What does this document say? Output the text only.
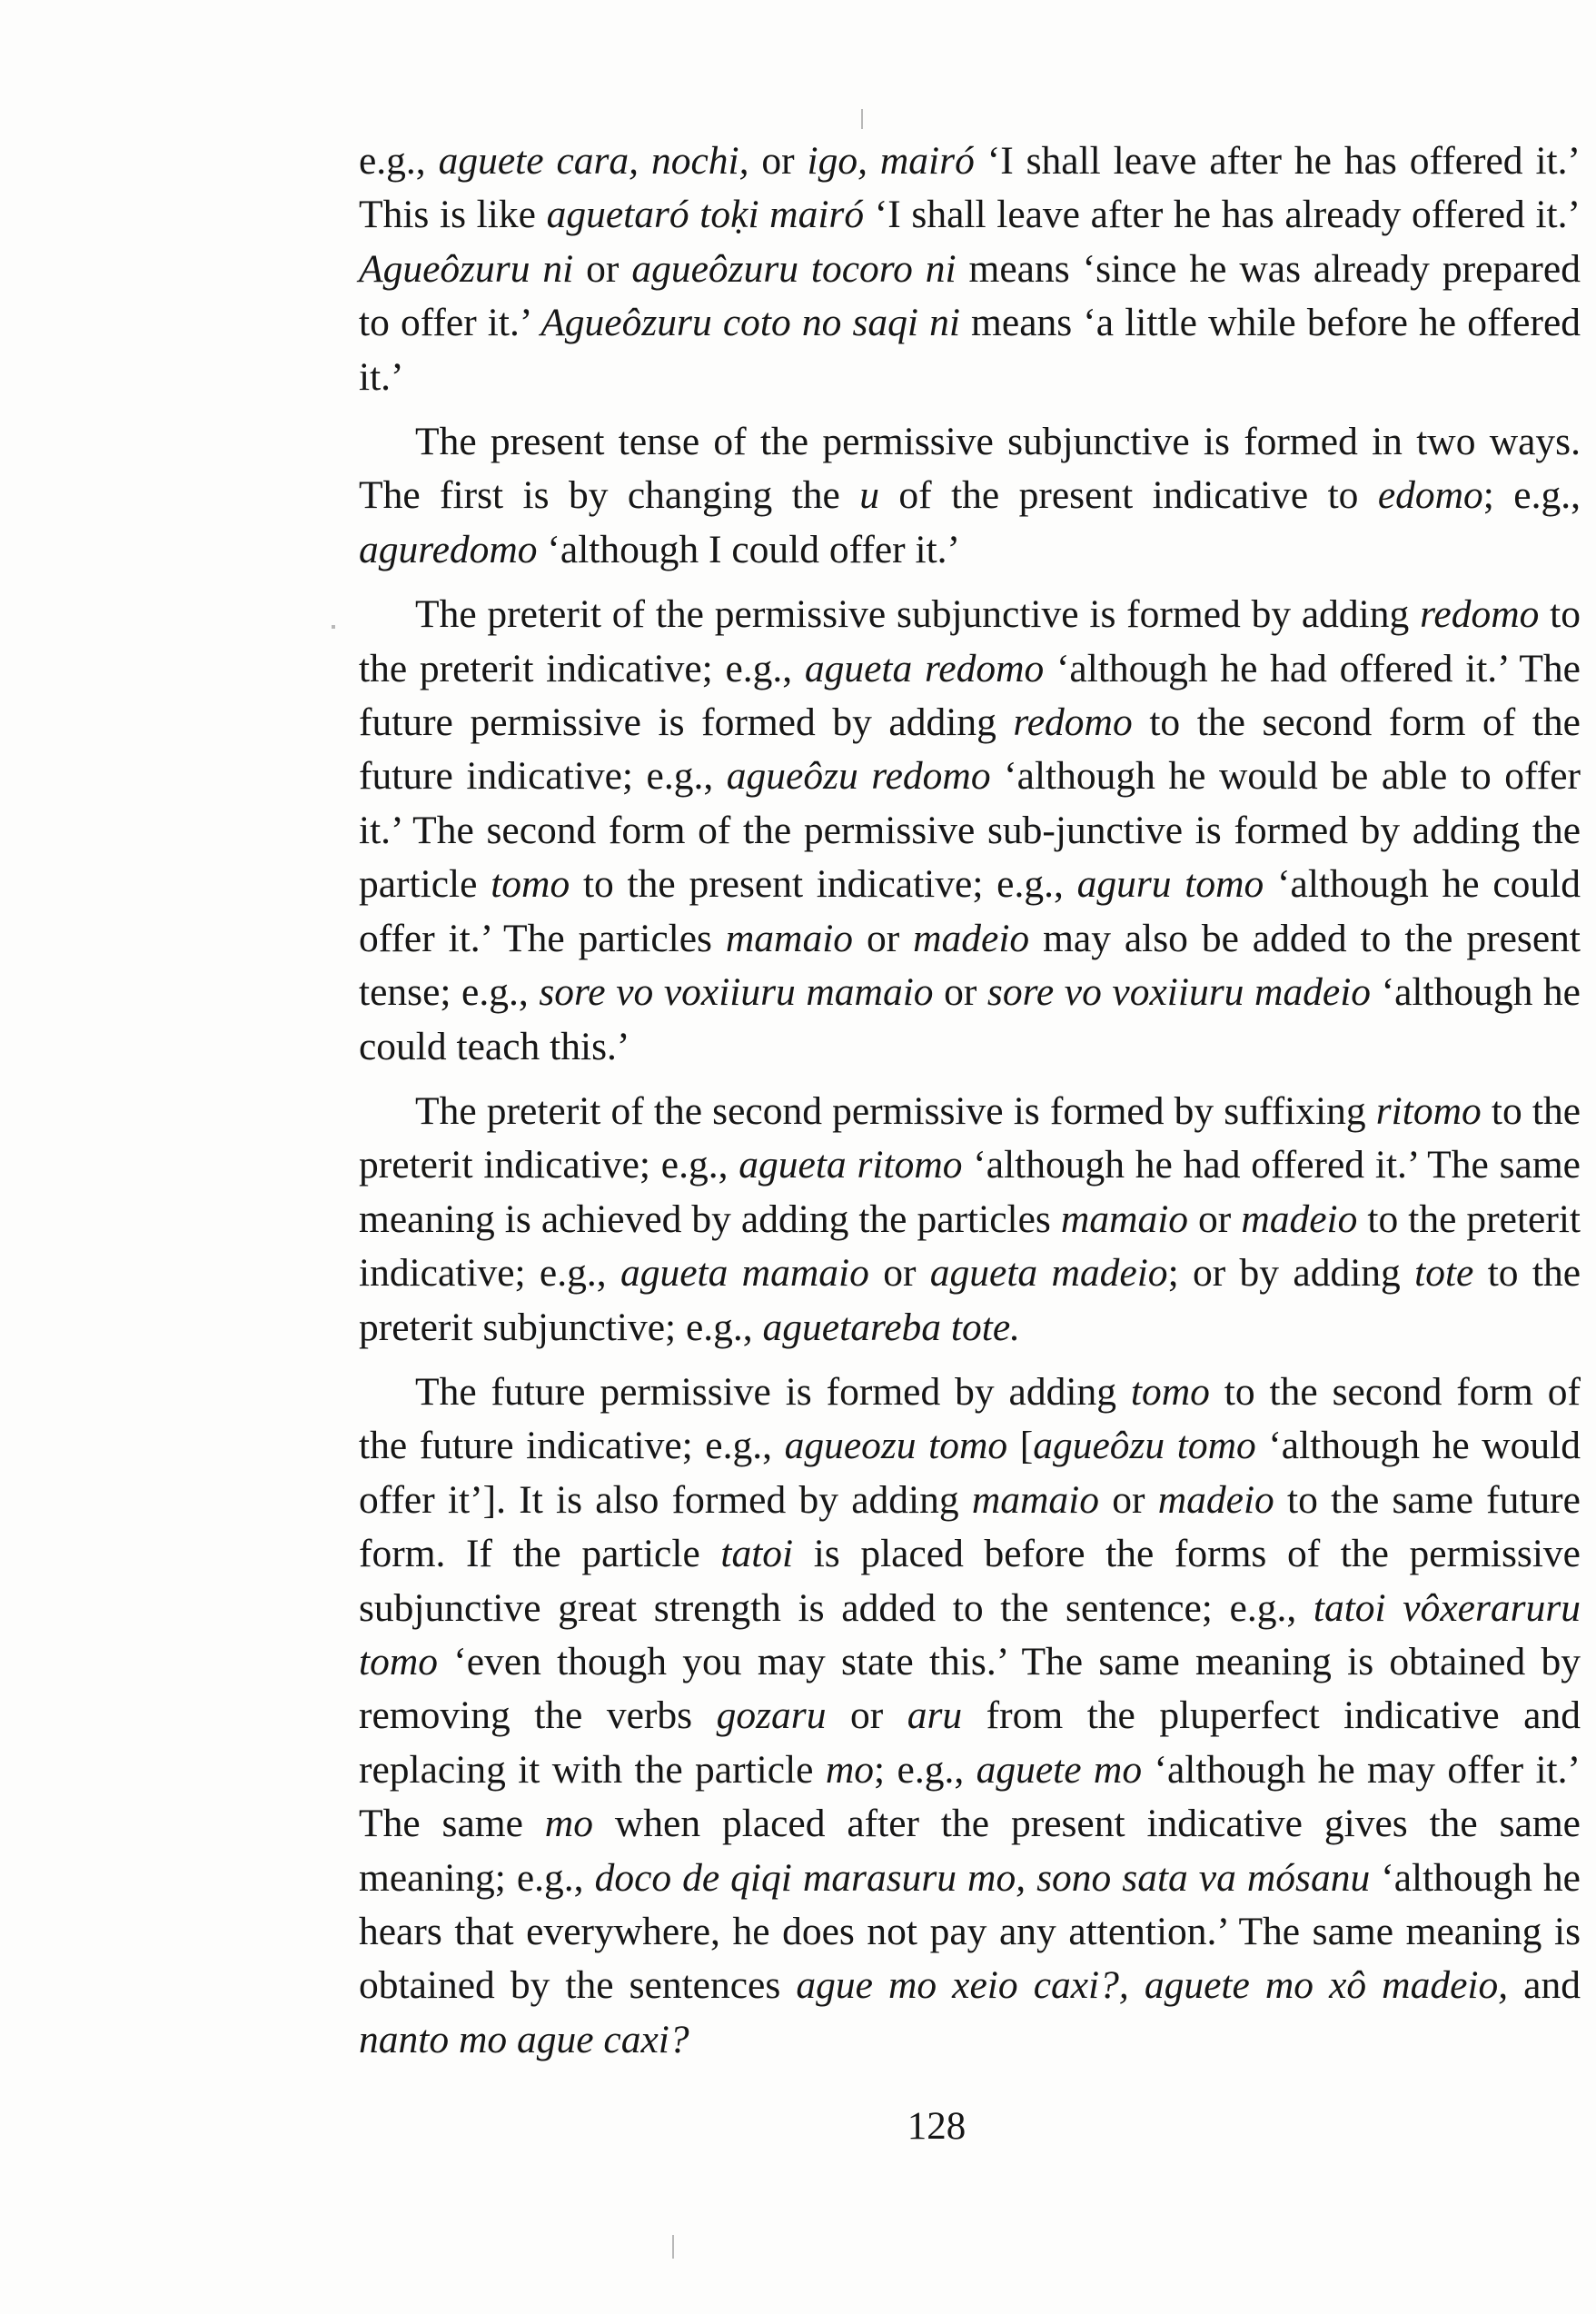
e.g., aguete cara, nochi, or igo, mairó ‘I shall leave after he has offered it.’ This is like aguetaró toḳi mairó ‘I shall leave after he has already offered it.’ Agueôzuru ni or agueôzuru tocoro ni means ‘since he was already prepared to offer it.’ Agueôzuru coto no saqi ni means ‘a little while before he offered it.’

The present tense of the permissive subjunctive is formed in two ways. The first is by changing the u of the present indicative to edomo; e.g., aguredomo ‘although I could offer it.’

The preterit of the permissive subjunctive is formed by adding redomo to the preterit indicative; e.g., agueta redomo ‘although he had offered it.’ The future permissive is formed by adding redomo to the second form of the future indicative; e.g., agueôzu redomo ‘although he would be able to offer it.’ The second form of the permissive sub-junctive is formed by adding the particle tomo to the present indicative; e.g., aguru tomo ‘although he could offer it.’ The particles mamaio or madeio may also be added to the present tense; e.g., sore vo voxiiuru mamaio or sore vo voxiiuru madeio ‘although he could teach this.’

The preterit of the second permissive is formed by suffixing ritomo to the preterit indicative; e.g., agueta ritomo ‘although he had offered it.’ The same meaning is achieved by adding the particles mamaio or madeio to the preterit indicative; e.g., agueta mamaio or agueta madeio; or by adding tote to the preterit subjunctive; e.g., aguetareba tote.

The future permissive is formed by adding tomo to the second form of the future indicative; e.g., agueozu tomo [agueôzu tomo ‘although he would offer it’]. It is also formed by adding mamaio or madeio to the same future form. If the particle tatoi is placed before the forms of the permissive subjunctive great strength is added to the sentence; e.g., tatoi vôxeraruru tomo ‘even though you may state this.’ The same meaning is obtained by removing the verbs gozaru or aru from the pluperfect indicative and replacing it with the particle mo; e.g., aguete mo ‘although he may offer it.’ The same mo when placed after the present indicative gives the same meaning; e.g., doco de qiqi marasuru mo, sono sata va mósanu ‘although he hears that everywhere, he does not pay any attention.’ The same meaning is obtained by the sentences ague mo xeio caxi?, aguete mo xô madeio, and nanto mo ague caxi?

128
